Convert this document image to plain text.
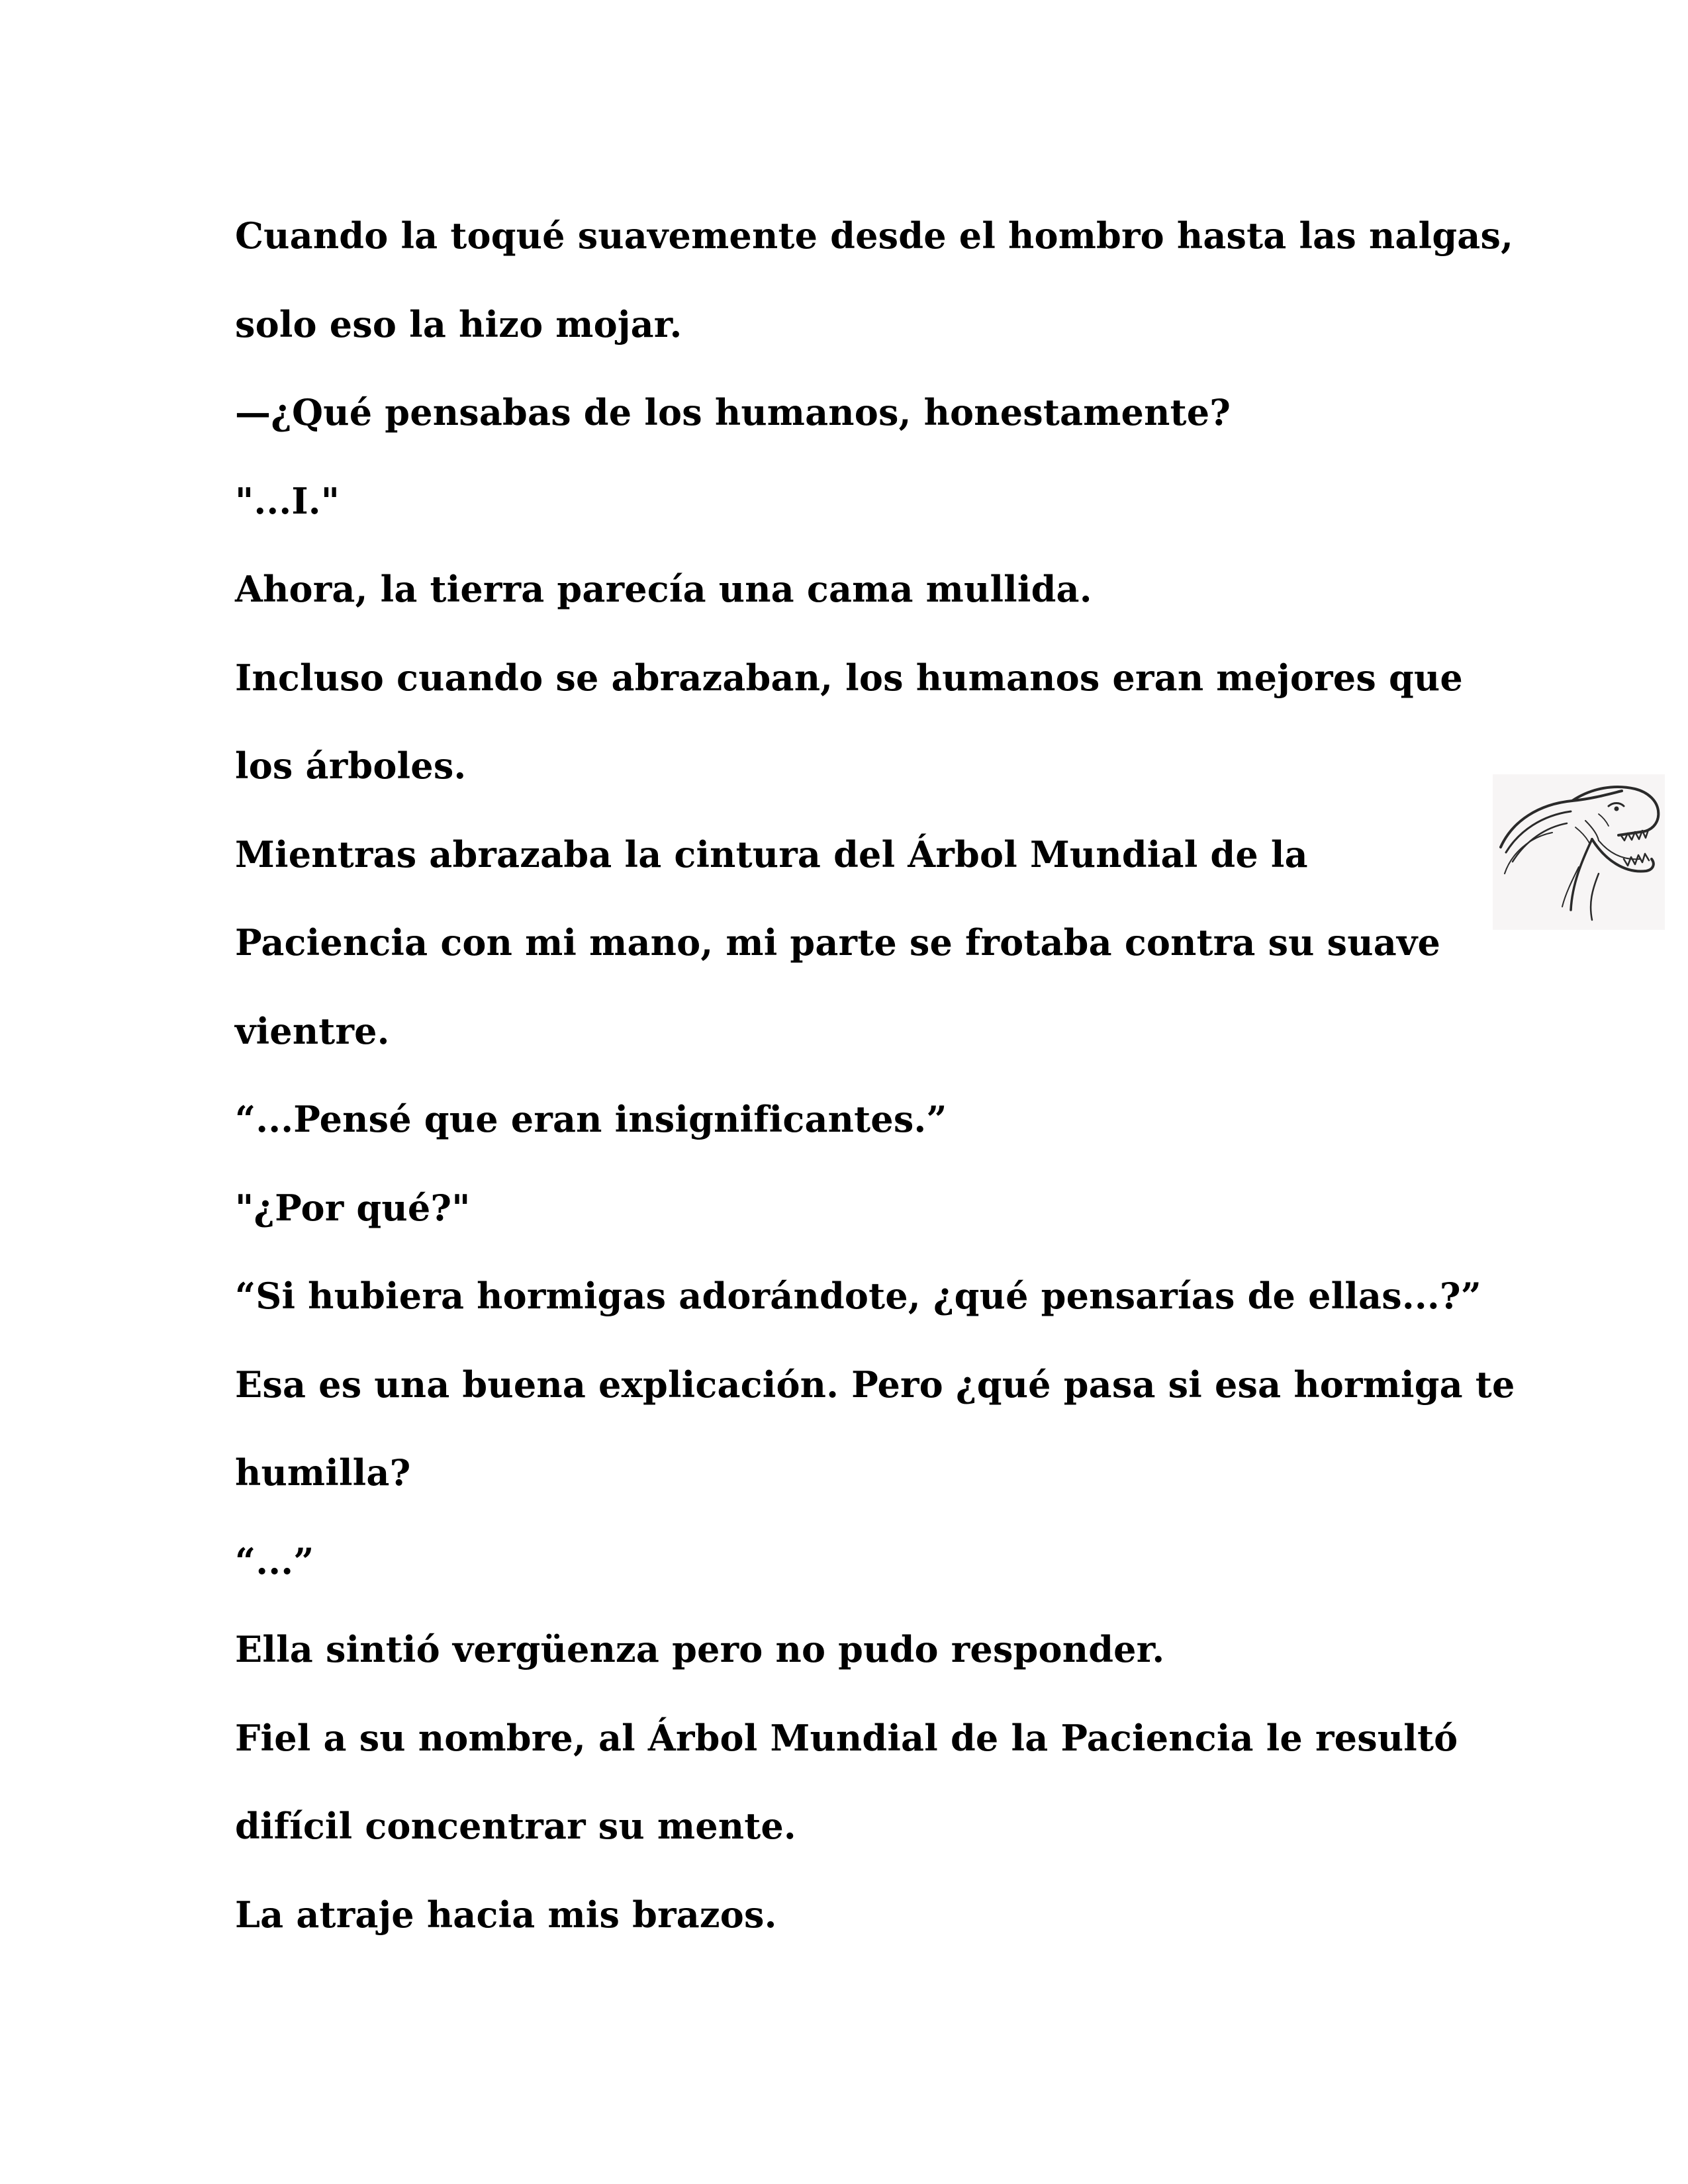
Cuando la toqué suavemente desde el hombro hasta las nalgas,
solo eso la hizo mojar.
—¿Qué pensabas de los humanos, honestamente?
"...I."
Ahora, la tierra parecía una cama mullida.
Incluso cuando se abrazaban, los humanos eran mejores que
los árboles.
Mientras abrazaba la cintura del Árbol Mundial de la
Paciencia con mi mano, mi parte se frotaba contra su suave
vientre.
“...Pensé que eran insignificantes.”
"¿Por qué?"
“Si hubiera hormigas adorándote, ¿qué pensarías de ellas...?”
Esa es una buena explicación. Pero ¿qué pasa si esa hormiga te
humilla?
“...”
Ella sintió vergüenza pero no pudo responder.
Fiel a su nombre, al Árbol Mundial de la Paciencia le resultó
difícil concentrar su mente.
La atraje hacia mis brazos.
